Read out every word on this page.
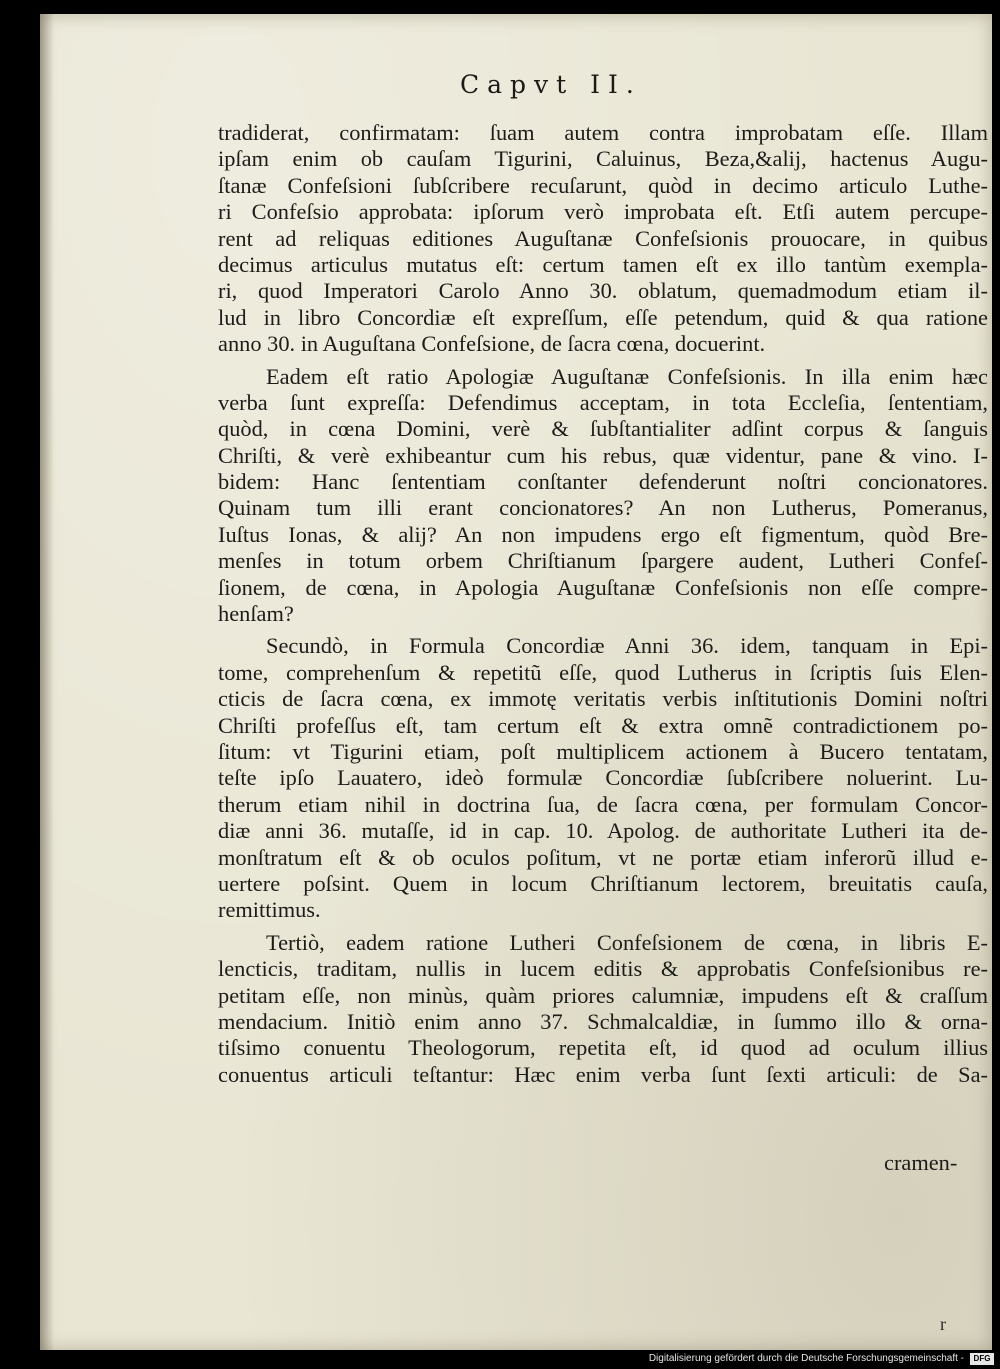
Capvt II.
tradiderat, confirmatam: ſuam autem contra improbatam eſſe. Illam
ipſam enim ob cauſam Tigurini, Caluinus, Beza,&alij, hactenus Augu-
ſtanæ Confeſsioni ſubſcribere recuſarunt, quòd in decimo articulo Luthe-
ri Confeſsio approbata: ipſorum verò improbata eſt. Etſi autem percupe-
rent ad reliquas editiones Auguſtanæ Confeſsionis prouocare, in quibus
decimus articulus mutatus eſt: certum tamen eſt ex illo tantùm exempla-
ri, quod Imperatori Carolo Anno 30. oblatum, quemadmodum etiam il-
lud in libro Concordiæ eſt expreſſum, eſſe petendum, quid & qua ratione
anno 30. in Auguſtana Confeſsione, de ſacra cœna, docuerint.
Eadem eſt ratio Apologiæ Auguſtanæ Confeſsionis. In illa enim hæc
verba ſunt expreſſa: Defendimus acceptam, in tota Eccleſia, ſententiam,
quòd, in cœna Domini, verè & ſubſtantialiter adſint corpus & ſanguis
Chriſti, & verè exhibeantur cum his rebus, quæ videntur, pane & vino. I-
bidem: Hanc ſententiam conſtanter defenderunt noſtri concionatores.
Quinam tum illi erant concionatores? An non Lutherus, Pomeranus,
Iuſtus Ionas, & alij? An non impudens ergo eſt figmentum, quòd Bre-
menſes in totum orbem Chriſtianum ſpargere audent, Lutheri Confeſ-
ſionem, de cœna, in Apologia Auguſtanæ Confeſsionis non eſſe compre-
henſam?
Secundò, in Formula Concordiæ Anni 36. idem, tanquam in Epi-
tome, comprehenſum & repetitũ eſſe, quod Lutherus in ſcriptis ſuis Elen-
cticis de ſacra cœna, ex immotę veritatis verbis inſtitutionis Domini noſtri
Chriſti profeſſus eſt, tam certum eſt & extra omnẽ contradictionem po-
ſitum: vt Tigurini etiam, poſt multiplicem actionem à Bucero tentatam,
teſte ipſo Lauatero, ideò formulæ Concordiæ ſubſcribere noluerint. Lu-
therum etiam nihil in doctrina ſua, de ſacra cœna, per formulam Concor-
diæ anni 36. mutaſſe, id in cap. 10. Apolog. de authoritate Lutheri ita de-
monſtratum eſt & ob oculos poſitum, vt ne portæ etiam inferorũ illud e-
uertere poſsint. Quem in locum Chriſtianum lectorem, breuitatis cauſa,
remittimus.
Tertiò, eadem ratione Lutheri Confeſsionem de cœna, in libris E-
lencticis, traditam, nullis in lucem editis & approbatis Confeſsionibus re-
petitam eſſe, non minùs, quàm priores calumniæ, impudens eſt & craſſum
mendacium. Initiò enim anno 37. Schmalcaldiæ, in ſummo illo & orna-
tiſsimo conuentu Theologorum, repetita eſt, id quod ad oculum illius
conuentus articuli teſtantur: Hæc enim verba ſunt ſexti articuli: de Sa-
cramen-
r
Digitalisierung gefördert durch die Deutsche Forschungsgemeinschaft -	DFG
